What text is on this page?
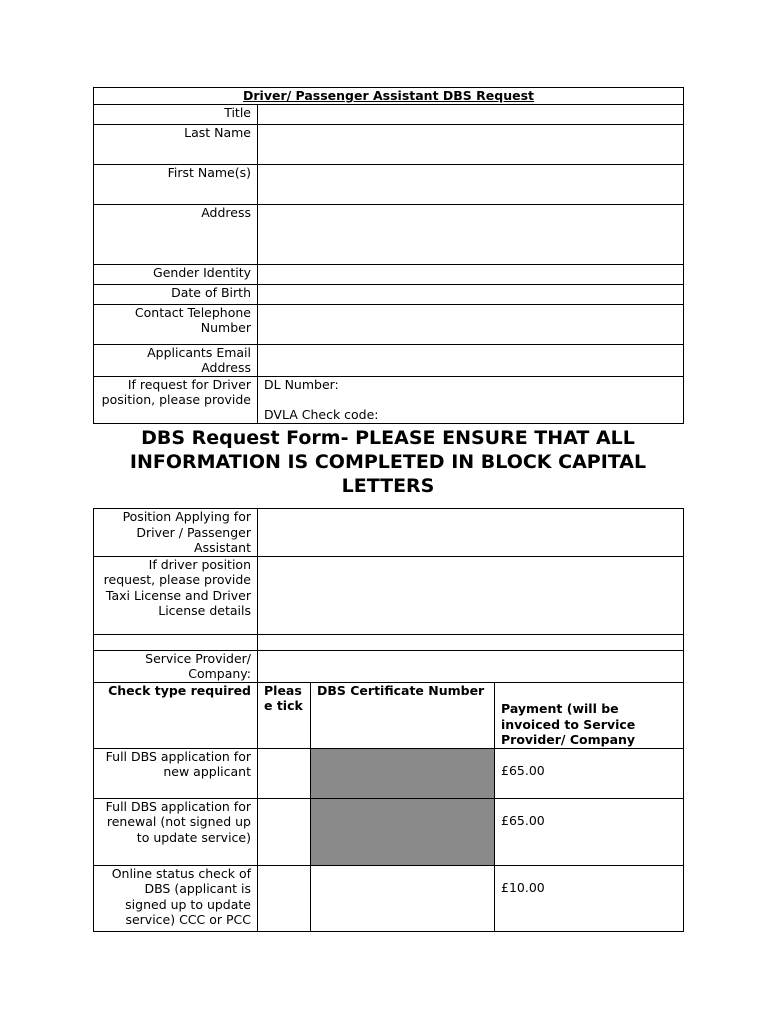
Driver/ Passenger Assistant DBS Request	
Title	
Last Name	
First Name(s)	
Address	
Gender Identity	
Date of Birth	
Contact Telephone Number	
Applicants Email Address	
If request for Driver position, please provide	DL Number:
DVLA Check code:
DBS Request Form- PLEASE ENSURE THAT ALL INFORMATION IS COMPLETED IN BLOCK CAPITAL LETTERS
Position Applying for Driver / Passenger Assistant			
If driver position request, please provide Taxi License and Driver License details			

Service Provider/ Company:			
Check type required	Please tick	DBS Certificate Number	Payment (will be invoiced to Service Provider/ Company
Full DBS application for new applicant			£65.00
Full DBS application for renewal (not signed up to update service)			£65.00
Online status check of DBS (applicant is signed up to update service) CCC or PCC			£10.00
